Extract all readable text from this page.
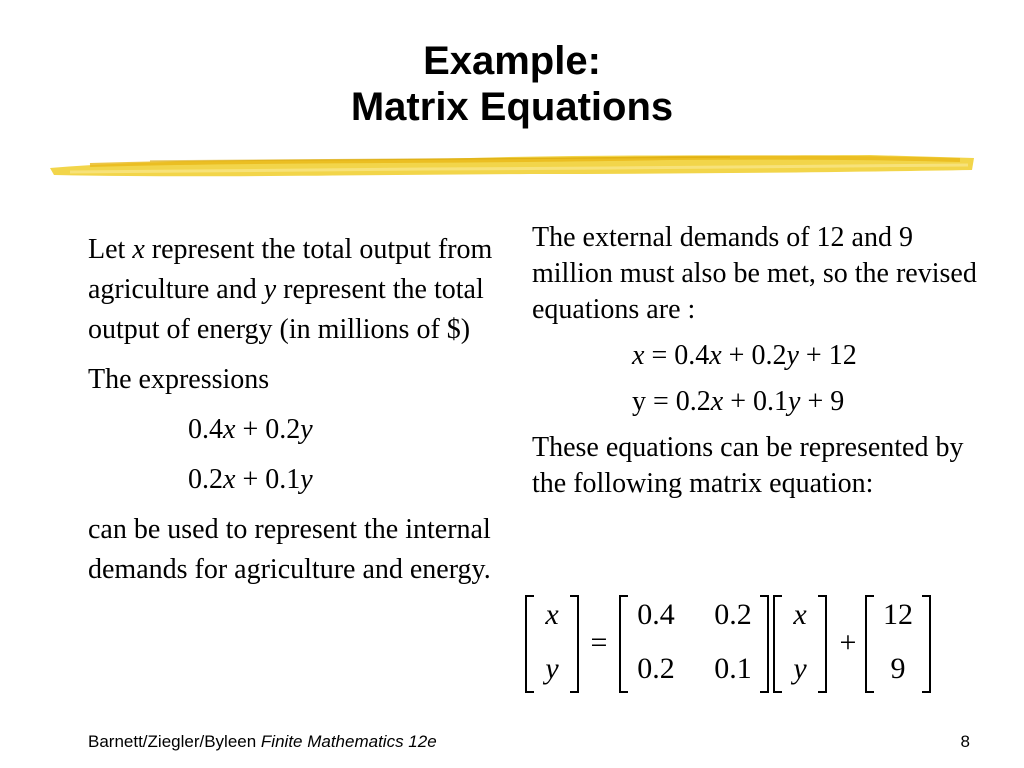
Example:
Matrix Equations

Let x represent the total output from agriculture and y represent the total output of energy (in millions of $)

The expressions

0.4x + 0.2y

0.2x + 0.1y

can be used to represent the internal demands for agriculture and energy.

The external demands of 12 and 9 million must also be met, so the revised equations are :

x = 0.4x + 0.2y + 12

y = 0.2x + 0.1y + 9

These equations can be represented by the following matrix equation:

x
y
=
0.4 0.2
0.2 0.1
x
y
+
12
9
Barnett/Ziegler/Byleen Finite Mathematics 12e	8
